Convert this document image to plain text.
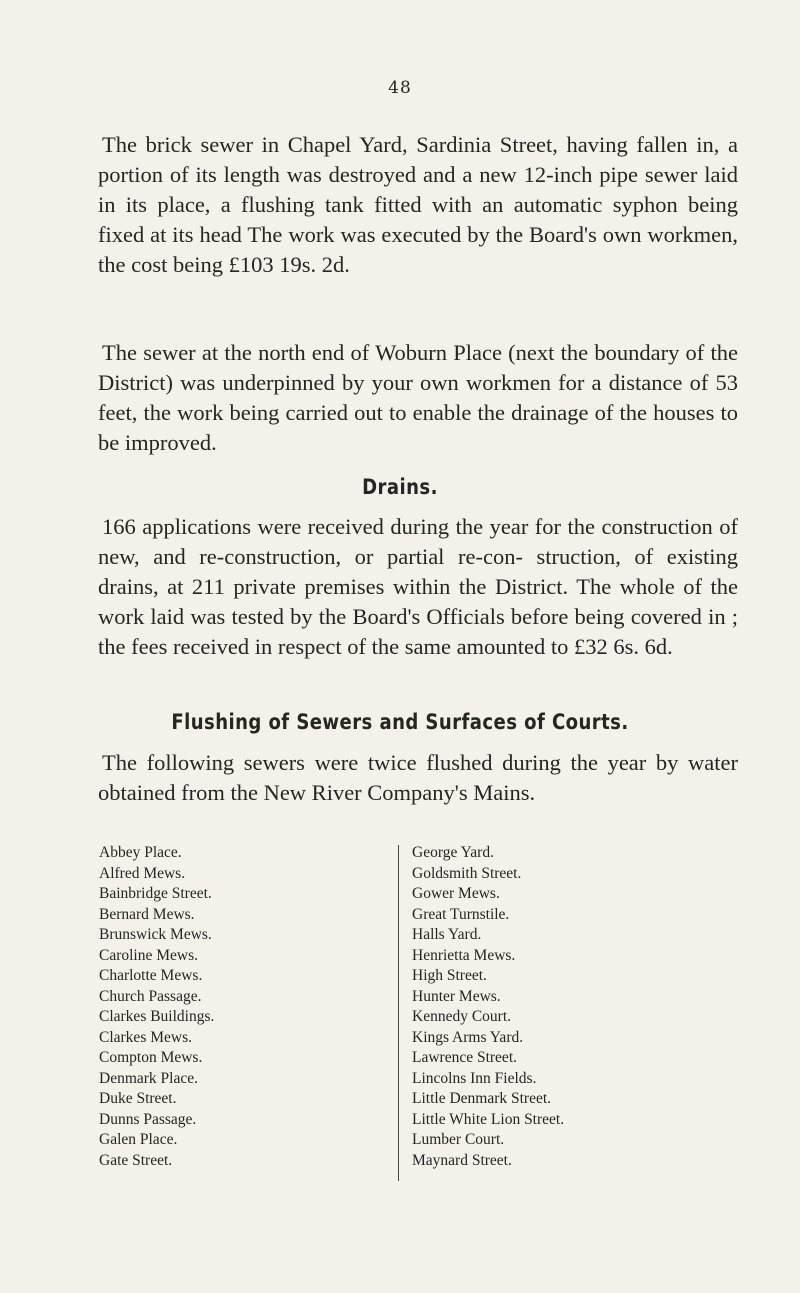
48

The brick sewer in Chapel Yard, Sardinia Street, having fallen in, a portion of its length was destroyed and a new 12-inch pipe sewer laid in its place, a flushing tank fitted with an automatic syphon being fixed at its head The work was executed by the Board's own workmen, the cost being £103 19s. 2d.

The sewer at the north end of Woburn Place (next the boundary of the District) was underpinned by your own workmen for a distance of 53 feet, the work being carried out to enable the drainage of the houses to be improved.

Drains.

166 applications were received during the year for the construction of new, and re-construction, or partial re-con- struction, of existing drains, at 211 private premises within the District. The whole of the work laid was tested by the Board's Officials before being covered in ; the fees received in respect of the same amounted to £32 6s. 6d.

Flushing of Sewers and Surfaces of Courts.

The following sewers were twice flushed during the year by water obtained from the New River Company's Mains.

Abbey Place.
Alfred Mews.
Bainbridge Street.
Bernard Mews.
Brunswick Mews.
Caroline Mews.
Charlotte Mews.
Church Passage.
Clarkes Buildings.
Clarkes Mews.
Compton Mews.
Denmark Place.
Duke Street.
Dunns Passage.
Galen Place.
Gate Street.
George Yard.
Goldsmith Street.
Gower Mews.
Great Turnstile.
Halls Yard.
Henrietta Mews.
High Street.
Hunter Mews.
Kennedy Court.
Kings Arms Yard.
Lawrence Street.
Lincolns Inn Fields.
Little Denmark Street.
Little White Lion Street.
Lumber Court.
Maynard Street.
